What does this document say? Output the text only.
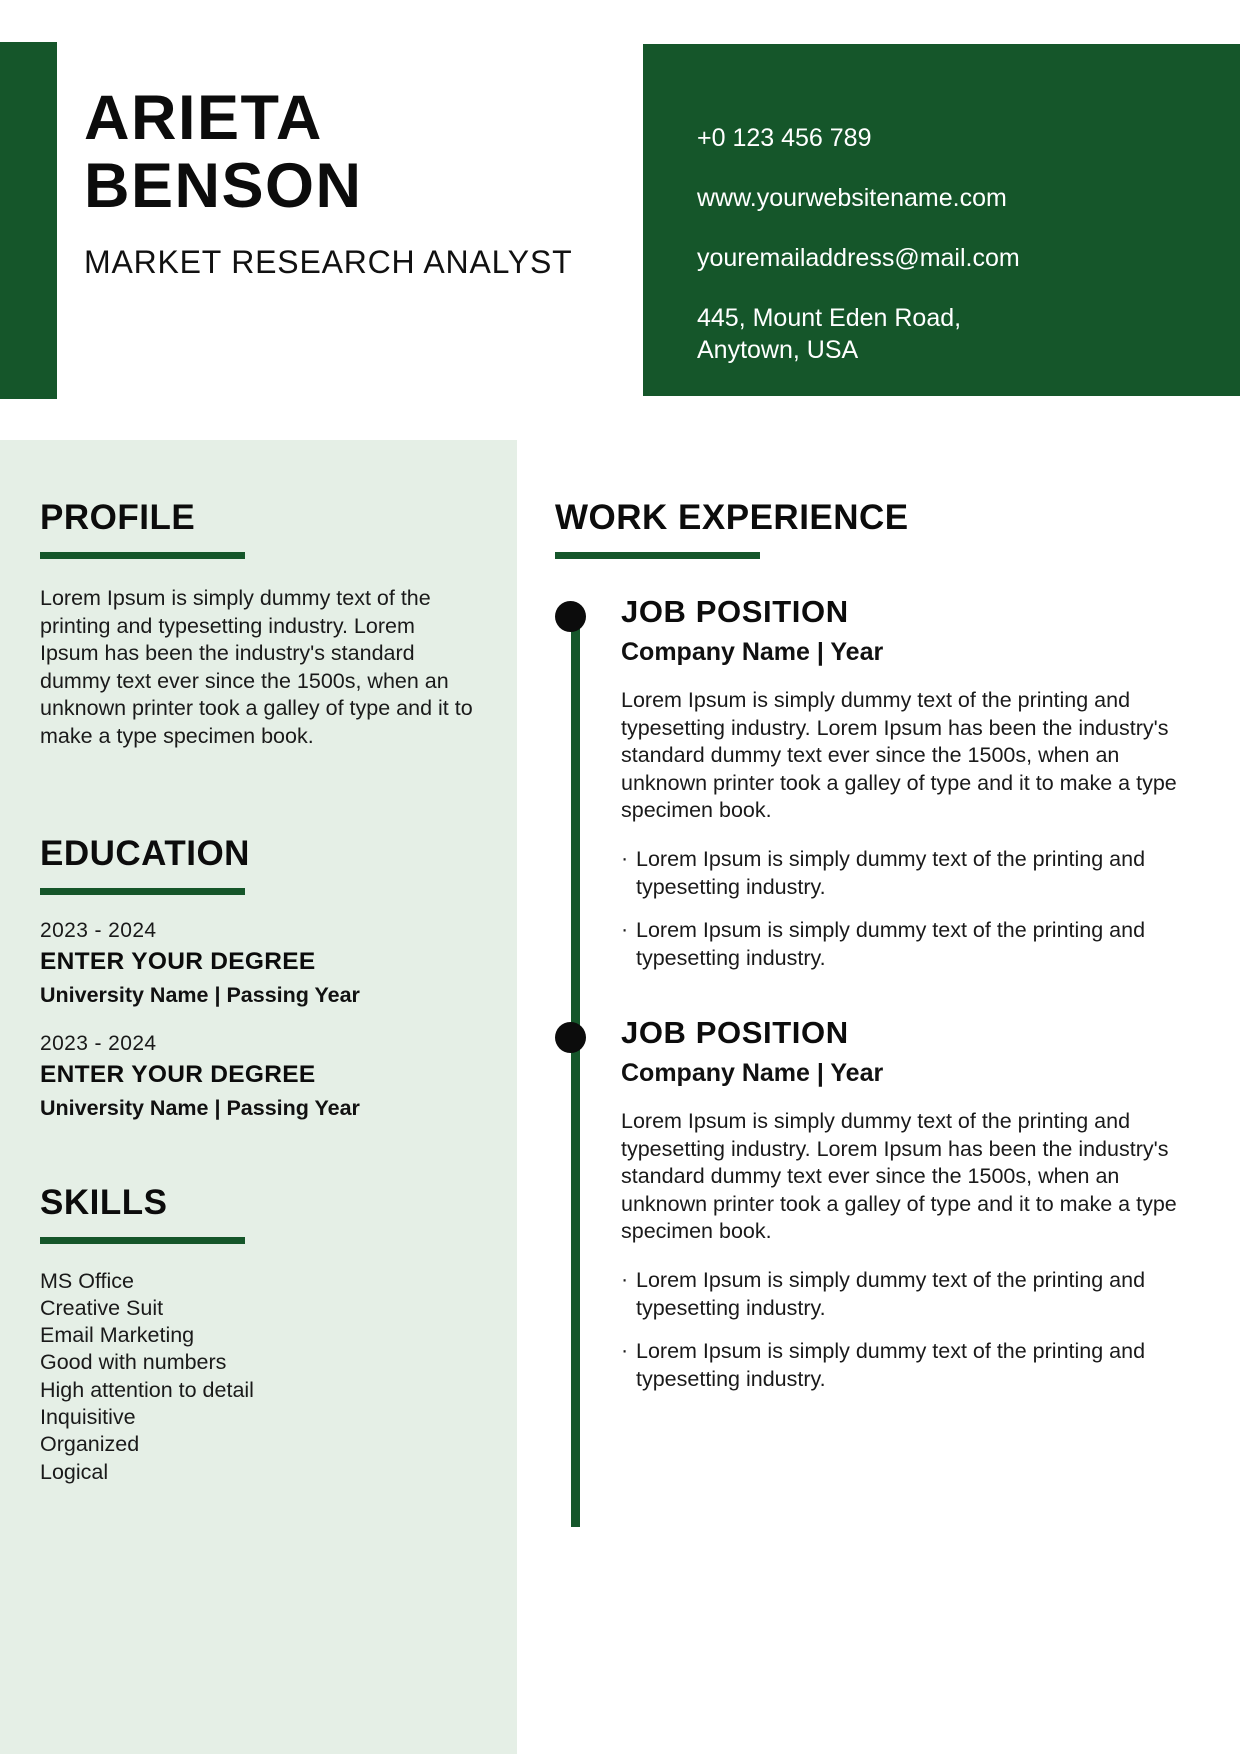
ARIETA
BENSON
MARKET RESEARCH ANALYST
+0 123 456 789
www.yourwebsitename.com
youremailaddress@mail.com
445, Mount Eden Road,
Anytown, USA
PROFILE

Lorem Ipsum is simply dummy text of the printing and typesetting industry. Lorem Ipsum has been the industry's standard dummy text ever since the 1500s, when an unknown printer took a galley of type and it to make a type specimen book.

EDUCATION
2023 - 2024
ENTER YOUR DEGREE
University Name | Passing Year
2023 - 2024
ENTER YOUR DEGREE
University Name | Passing Year
SKILLS
MS Office
Creative Suit
Email Marketing
Good with numbers
High attention to detail
Inquisitive
Organized
Logical
WORK EXPERIENCE
JOB POSITION
Company Name | Year

Lorem Ipsum is simply dummy text of the printing and typesetting industry. Lorem Ipsum has been the industry's standard dummy text ever since the 1500s, when an unknown printer took a galley of type and it to make a type specimen book.

· Lorem Ipsum is simply dummy text of the printing and typesetting industry.
· Lorem Ipsum is simply dummy text of the printing and typesetting industry.
JOB POSITION
Company Name | Year

Lorem Ipsum is simply dummy text of the printing and typesetting industry. Lorem Ipsum has been the industry's standard dummy text ever since the 1500s, when an unknown printer took a galley of type and it to make a type specimen book.

· Lorem Ipsum is simply dummy text of the printing and typesetting industry.
· Lorem Ipsum is simply dummy text of the printing and typesetting industry.
